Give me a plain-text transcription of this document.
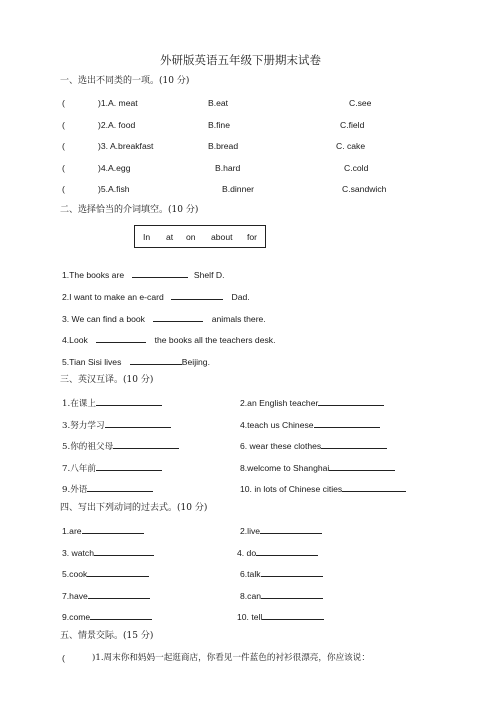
外研版英语五年级下册期末试卷
一、选出不同类的一项。(10 分)
(	)1.A. meat	B.eat	C.see
(	)2.A. food	B.fine	C.field
(	)3. A.breakfast	B.bread	C. cake
(	)4.A.egg	B.hard	C.cold
(	)5.A.fish	B.dinner	C.sandwich
二、选择恰当的介词填空。(10 分)
In at on about for
1.The books are	Shelf D.
2.I want to make an e-card	Dad.
3. We can find a book	animals there.
4.Look	the books all the teachers desk.
5.Tian Sisi lives	Beijing.
三、英汉互译。(10 分)
1.在课上	2.an English teacher
3.努力学习	4.teach us Chinese
5.你的祖父母	6. wear these clothes
7.八年前	8.welcome to Shanghai
9.外语	10. in lots of Chinese cities
四、写出下列动词的过去式。(10 分)
1.are	2.live
3. watch	4. do
5.cook	6.talk
7.have	8.can
9.come	10. tell
五、情景交际。(15 分)
(	)1.周末你和妈妈一起逛商店，你看见一件蓝色的衬衫很漂亮，你应该说：
